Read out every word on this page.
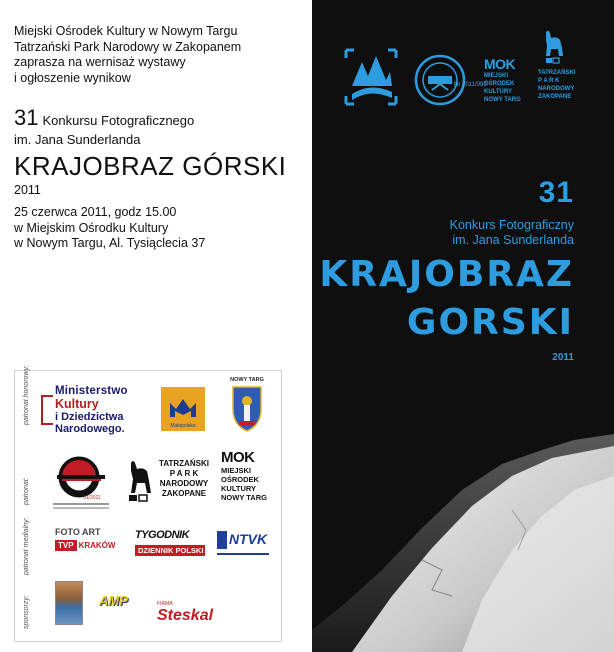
Miejski Ośrodek Kultury w Nowym Targu
Tatrzański Park Narodowy w Zakopanem
zaprasza na wernisaż wystawy
i ogłoszenie wynikow
31 Konkursu Fotograficznego
im. Jana Sunderlanda
KRAJOBRAZ GÓRSKI
2011
25 czerwca 2011, godz 15.00
w Miejskim Ośrodku Kultury
w Nowym Targu, Al. Tysiąclecia 37
patronat honorowy:
patronat:
patronat medialny:
sponsorzy:
Ministerstwo
Kultury
i Dziedzictwa
Narodowego.	Małopolska
NOWY TARG
01/2011
TATRZAŃSKI
P A R K
NARODOWY
ZAKOPANE
MOK
MIEJSKI
OŚRODEK
KULTURY
NOWY TARG
FOTO ART
TVP KRAKÓW
TYGODNIK
DZIENNIK POLSKI
NTVK
AMP	FIRMA
Steskal
Nr 2011/093
MOK
MIEJSKI
OŚRODEK
KULTURY
NOWY TARG
TATRZAŃSKI
P A R K
NARODOWY
ZAKOPANE
31
Konkurs Fotograficzny
im. Jana Sunderlanda
KRAJOBRAZ
GORSKI
2011
